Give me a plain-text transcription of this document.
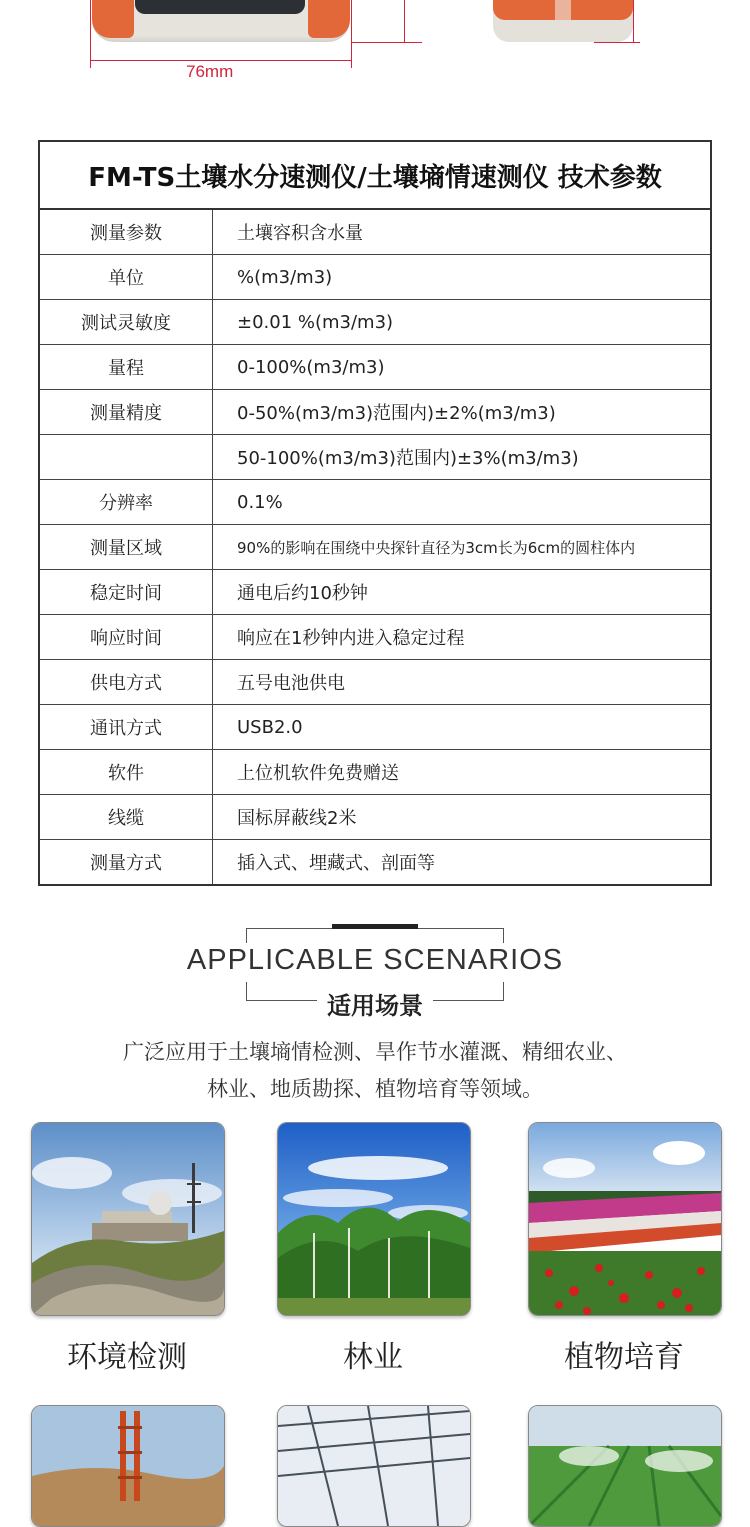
76mm
FM-TS土壤水分速测仪/土壤墒情速测仪 技术参数	
测量参数	土壤容积含水量
单位	%(m3/m3)
测试灵敏度	±0.01 %(m3/m3)
量程	0-100%(m3/m3)
测量精度	0-50%(m3/m3)范围内)±2%(m3/m3)
	50-100%(m3/m3)范围内)±3%(m3/m3)
分辨率	0.1%
测量区域	90%的影响在围绕中央探针直径为3cm长为6cm的圆柱体内
稳定时间	通电后约10秒钟
响应时间	响应在1秒钟内进入稳定过程
供电方式	五号电池供电
通讯方式	USB2.0
软件	上位机软件免费赠送
线缆	国标屏蔽线2米
测量方式	插入式、埋藏式、剖面等
APPLICABLE SCENARIOS
适用场景
广泛应用于土壤墒情检测、旱作节水灌溉、精细农业、
林业、地质勘探、植物培育等领域。
环境检测	林业	植物培育
